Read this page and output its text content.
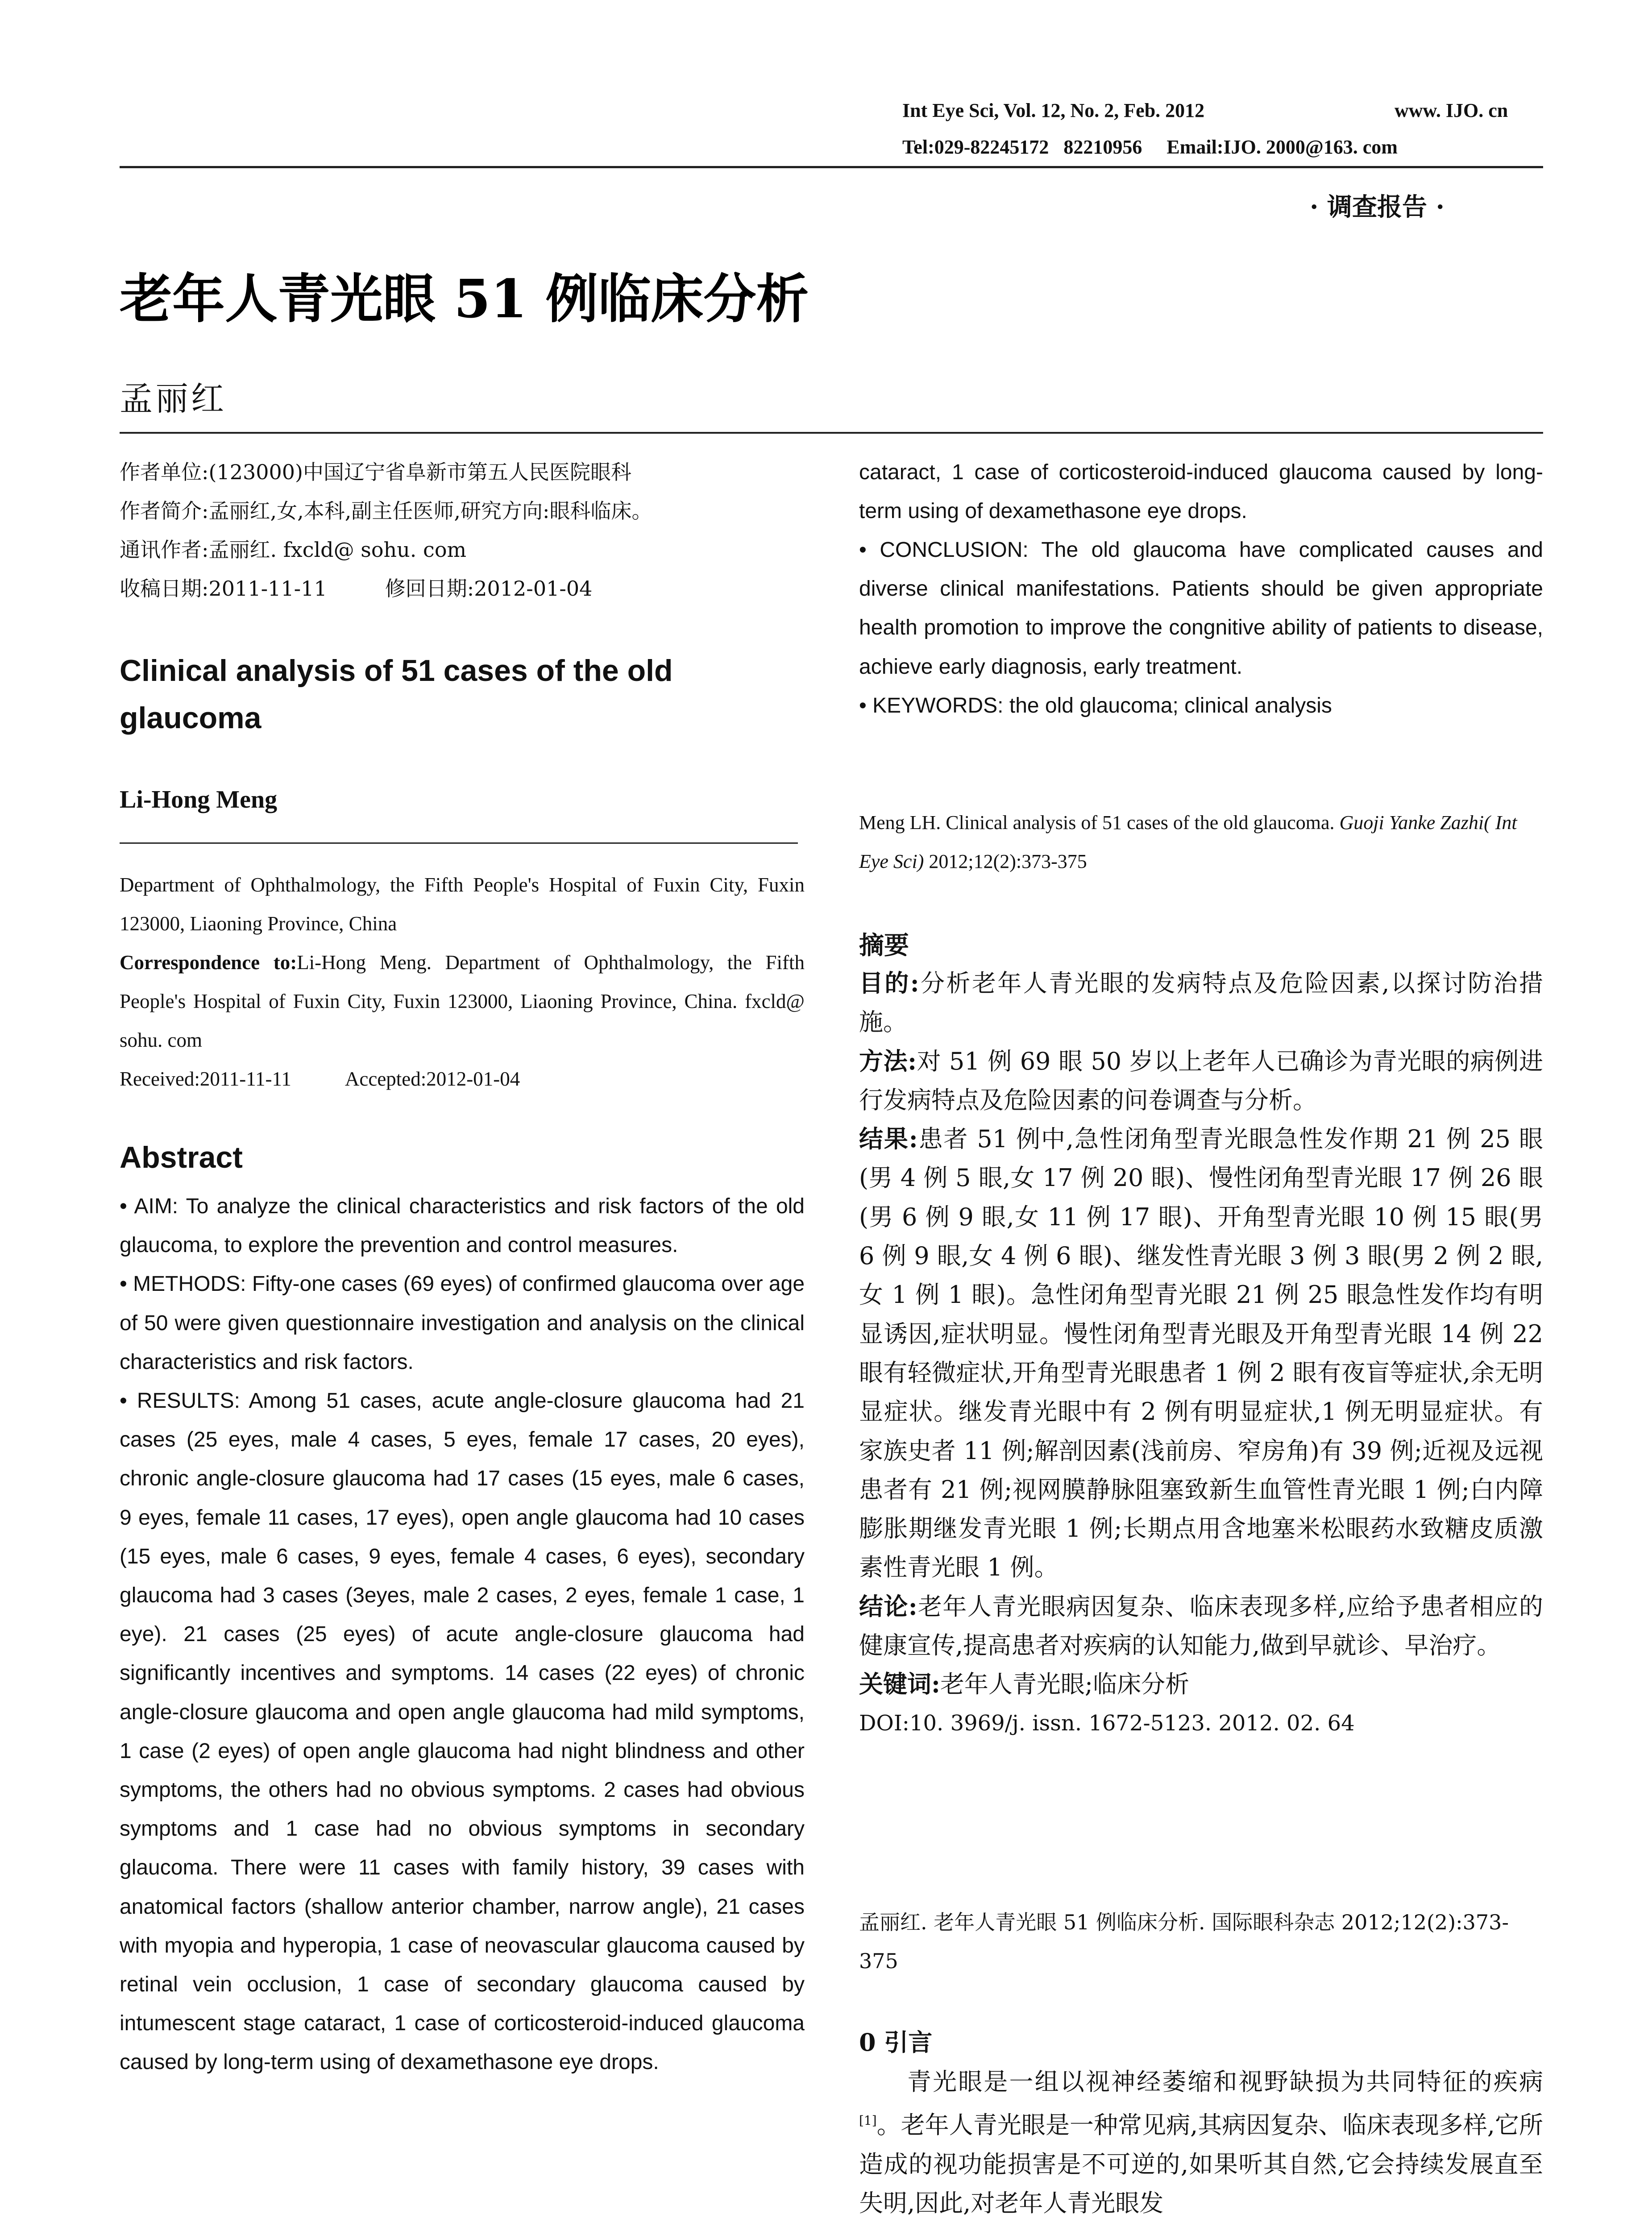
Int Eye Sci, Vol. 12, No. 2, Feb. 2012	www. IJO. cn
Tel:029-82245172   82210956     Email:IJO. 2000@163. com
· 调查报告 ·
老年人青光眼 51 例临床分析
孟丽红

作者单位:(123000)中国辽宁省阜新市第五人民医院眼科

作者简介:孟丽红,女,本科,副主任医师,研究方向:眼科临床。

通讯作者:孟丽红. fxcld@ sohu. com

收稿日期:2011-11-11	修回日期:2012-01-04

Clinical analysis of 51 cases of the old glaucoma
Li-Hong Meng

Department of Ophthalmology, the Fifth People's Hospital of Fuxin City, Fuxin 123000, Liaoning Province, China

Correspondence to:Li-Hong Meng. Department of Ophthalmology, the Fifth People's Hospital of Fuxin City, Fuxin 123000, Liaoning Province, China. fxcld@ sohu. com

Received:2011-11-11	Accepted:2012-01-04

Abstract

• AIM: To analyze the clinical characteristics and risk factors of the old glaucoma, to explore the prevention and control measures.

• METHODS: Fifty-one cases (69 eyes) of confirmed glaucoma over age of 50 were given questionnaire investigation and analysis on the clinical characteristics and risk factors.

• RESULTS: Among 51 cases, acute angle-closure glaucoma had 21 cases (25 eyes, male 4 cases, 5 eyes, female 17 cases, 20 eyes), chronic angle-closure glaucoma had 17 cases (15 eyes, male 6 cases, 9 eyes, female 11 cases, 17 eyes), open angle glaucoma had 10 cases (15 eyes, male 6 cases, 9 eyes, female 4 cases, 6 eyes), secondary glaucoma had 3 cases (3eyes, male 2 cases, 2 eyes, female 1 case, 1 eye). 21 cases (25 eyes) of acute angle-closure glaucoma had significantly incentives and symptoms. 14 cases (22 eyes) of chronic angle-closure glaucoma and open angle glaucoma had mild symptoms, 1 case (2 eyes) of open angle glaucoma had night blindness and other symptoms, the others had no obvious symptoms. 2 cases had obvious symptoms and 1 case had no obvious symptoms in secondary glaucoma. There were 11 cases with family history, 39 cases with anatomical factors (shallow anterior chamber, narrow angle), 21 cases with myopia and hyperopia, 1 case of neovascular glaucoma caused by retinal vein occlusion, 1 case of secondary glaucoma caused by intumescent stage cataract, 1 case of corticosteroid-induced glaucoma caused by long-term using of dexamethasone eye drops.

cataract, 1 case of corticosteroid-induced glaucoma caused by long-term using of dexamethasone eye drops.

• CONCLUSION: The old glaucoma have complicated causes and diverse clinical manifestations. Patients should be given appropriate health promotion to improve the congnitive ability of patients to disease, achieve early diagnosis, early treatment.

• KEYWORDS: the old glaucoma; clinical analysis

Meng LH. Clinical analysis of 51 cases of the old glaucoma. Guoji Yanke Zazhi( Int Eye Sci) 2012;12(2):373-375
摘要

目的:分析老年人青光眼的发病特点及危险因素,以探讨防治措施。

方法:对 51 例 69 眼 50 岁以上老年人已确诊为青光眼的病例进行发病特点及危险因素的问卷调查与分析。

结果:患者 51 例中,急性闭角型青光眼急性发作期 21 例 25 眼(男 4 例 5 眼,女 17 例 20 眼)、慢性闭角型青光眼 17 例 26 眼(男 6 例 9 眼,女 11 例 17 眼)、开角型青光眼 10 例 15 眼(男 6 例 9 眼,女 4 例 6 眼)、继发性青光眼 3 例 3 眼(男 2 例 2 眼,女 1 例 1 眼)。急性闭角型青光眼 21 例 25 眼急性发作均有明显诱因,症状明显。慢性闭角型青光眼及开角型青光眼 14 例 22 眼有轻微症状,开角型青光眼患者 1 例 2 眼有夜盲等症状,余无明显症状。继发青光眼中有 2 例有明显症状,1 例无明显症状。有家族史者 11 例;解剖因素(浅前房、窄房角)有 39 例;近视及远视患者有 21 例;视网膜静脉阻塞致新生血管性青光眼 1 例;白内障膨胀期继发青光眼 1 例;长期点用含地塞米松眼药水致糖皮质激素性青光眼 1 例。

结论:老年人青光眼病因复杂、临床表现多样,应给予患者相应的健康宣传,提高患者对疾病的认知能力,做到早就诊、早治疗。

关键词:老年人青光眼;临床分析

DOI:10. 3969/j. issn. 1672-5123. 2012. 02. 64

孟丽红. 老年人青光眼 51 例临床分析. 国际眼科杂志 2012;12(2):373-375
0 引言
青光眼是一组以视神经萎缩和视野缺损为共同特征的疾病[1]。老年人青光眼是一种常见病,其病因复杂、临床表现多样,它所造成的视功能损害是不可逆的,如果听其自然,它会持续发展直至失明,因此,对老年人青光眼发
